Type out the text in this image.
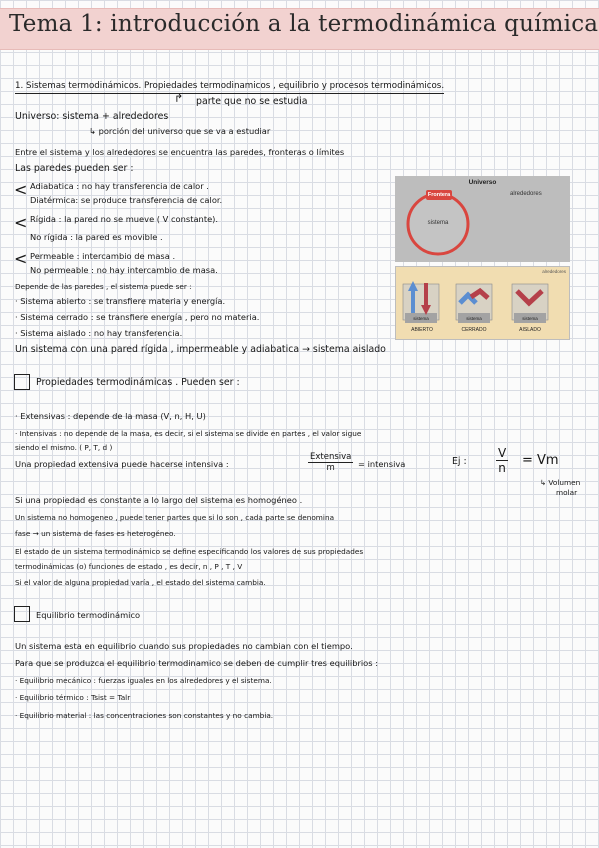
Tema 1: introducción a la termodinámica química
1. Sistemas termodinámicos. Propiedades termodinamicos , equilibrio y procesos termodinámicos.
↱ parte que no se estudia
Universo: sistema + alrededores
↳ porción del universo que se va a estudiar
Entre el sistema y los alrededores se encuentra las paredes, fronteras o límites
Las paredes pueden ser :
< Adiabatica : no hay transferencia de calor .
Diatérmica: se produce transferencia de calor.
< Rígida : la pared no se mueve ( V constante).
No rígida : la pared es movible .
< Permeable : intercambio de masa .
No permeable : no hay intercambio de masa.
Depende de las paredes , el sistema puede ser :
· Sistema abierto : se transfiere materia y energía.
· Sistema cerrado : se transfiere energía , pero no materia.
· Sistema aislado : no hay transferencia.
Un sistema con una pared rígida , impermeable y adiabatica → sistema aislado
Universo
Frontera
sistema
alrededores
alrededores
sistema	sistema	sistema
ABIERTO	CERRADO	AISLADO
Propiedades termodinámicas . Pueden ser :
· Extensivas : depende de la masa (V, n, H, U)
· Intensivas : no depende de la masa, es decir, si el sistema se divide en partes , el valor sigue
siendo el mismo. ( P, T, d )
Una propiedad extensiva puede hacerse intensiva :
Extensiva
m	= intensiva	Ej : $\frac{V}{n} = Vm$
↳ Volumen
molar
Si una propiedad es constante a lo largo del sistema es homogéneo .
Un sistema no homogeneo , puede tener partes que si lo son , cada parte se denomina
fase → un sistema de fases es heterogéneo.
El estado de un sistema termodinámico se define especificando los valores de sus propiedades
termodinámicas (o) funciones de estado , es decir, n , P , T , V
Si el valor de alguna propiedad varía , el estado del sistema cambia.
Equilibrio termodinámico
Un sistema esta en equilibrio cuando sus propiedades no cambian con el tiempo.
Para que se produzca el equilibrio termodinamico se deben de cumplir tres equilibrios :
· Equilibrio mecánico : fuerzas iguales en los alrededores y el sistema.
· Equilibrio térmico : Tsist = Talr
· Equilibrio material : las concentraciones son constantes y no cambia.
